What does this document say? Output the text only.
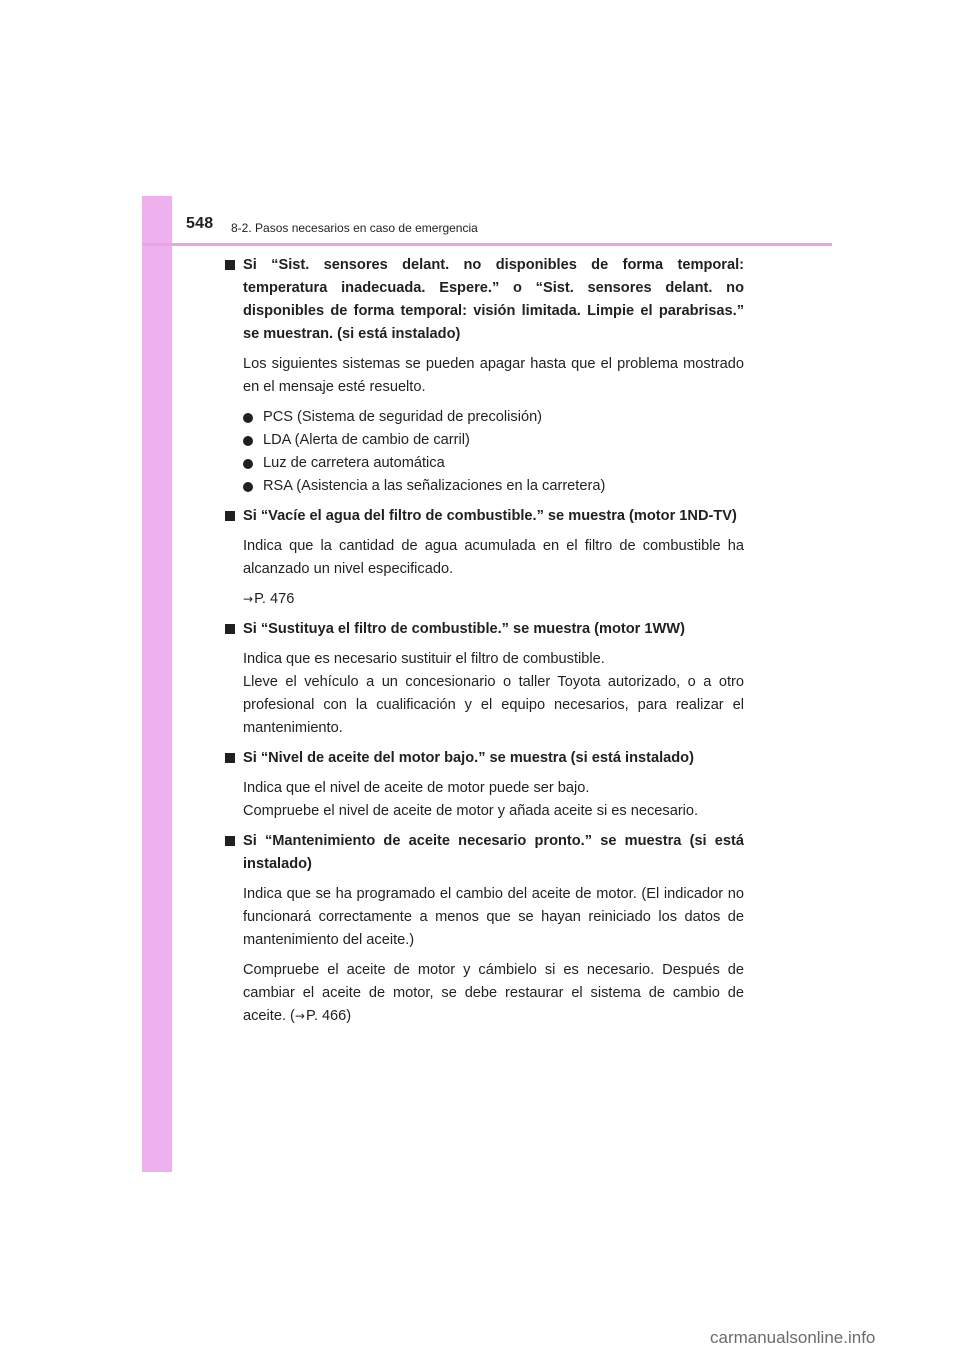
548 8-2. Pasos necesarios en caso de emergencia
Si “Sist. sensores delant. no disponibles de forma temporal: temperatura inadecuada. Espere.” o “Sist. sensores delant. no disponibles de forma temporal: visión limitada. Limpie el parabrisas.” se muestran. (si está instalado)
Los siguientes sistemas se pueden apagar hasta que el problema mostrado en el mensaje esté resuelto.
PCS (Sistema de seguridad de precolisión)
LDA (Alerta de cambio de carril)
Luz de carretera automática
RSA (Asistencia a las señalizaciones en la carretera)
Si “Vacíe el agua del filtro de combustible.” se muestra (motor 1ND-TV)
Indica que la cantidad de agua acumulada en el filtro de combustible ha alcanzado un nivel especificado.
→P. 476
Si “Sustituya el filtro de combustible.” se muestra (motor 1WW)
Indica que es necesario sustituir el filtro de combustible.
Lleve el vehículo a un concesionario o taller Toyota autorizado, o a otro profesional con la cualificación y el equipo necesarios, para realizar el mantenimiento.
Si “Nivel de aceite del motor bajo.” se muestra (si está instalado)
Indica que el nivel de aceite de motor puede ser bajo.
Compruebe el nivel de aceite de motor y añada aceite si es necesario.
Si “Mantenimiento de aceite necesario pronto.” se muestra (si está instalado)
Indica que se ha programado el cambio del aceite de motor. (El indicador no funcionará correctamente a menos que se hayan reiniciado los datos de mantenimiento del aceite.)
Compruebe el aceite de motor y cámbielo si es necesario. Después de cambiar el aceite de motor, se debe restaurar el sistema de cambio de aceite. (→P. 466)
carmanualsonline.info
